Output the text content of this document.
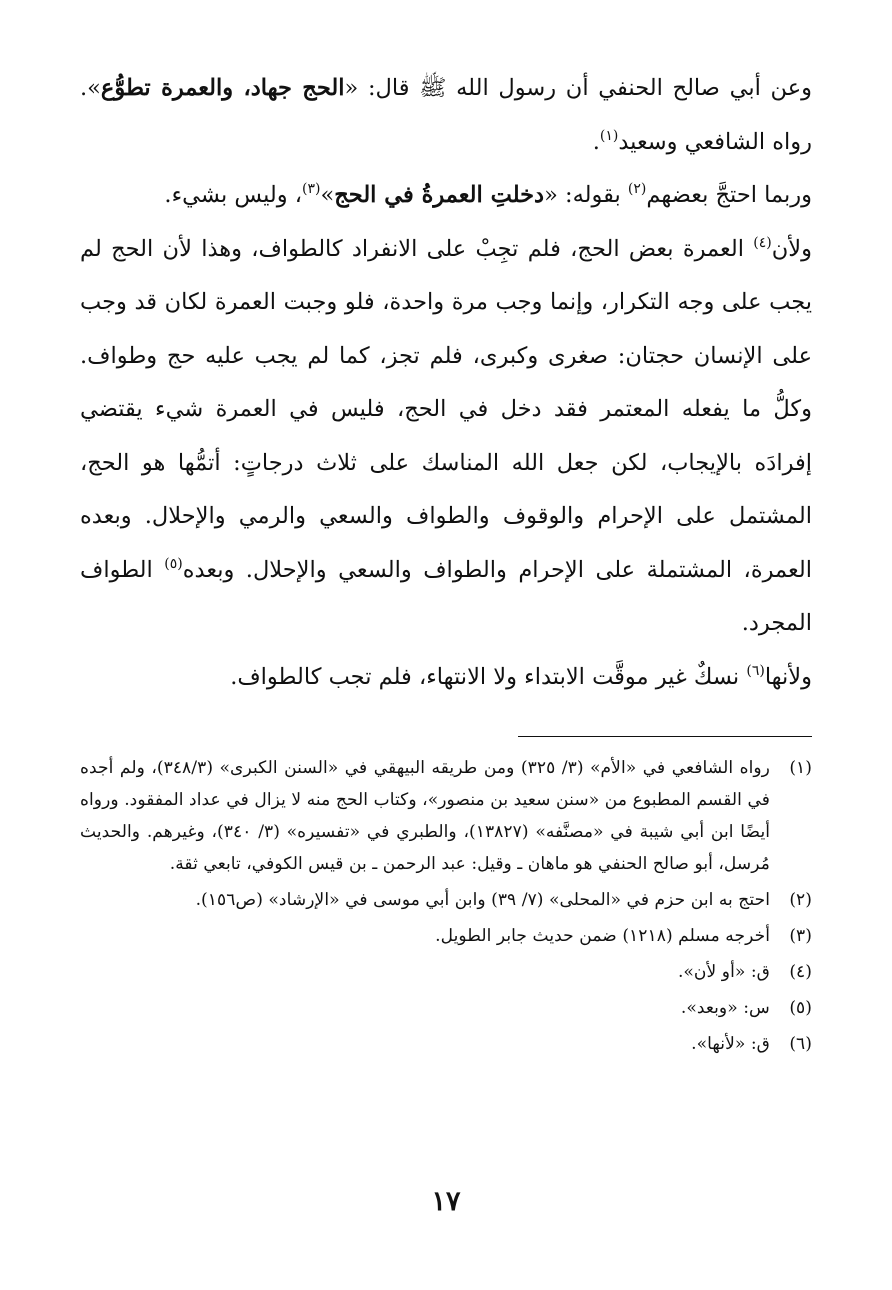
وعن أبي صالح الحنفي أن رسول الله ﷺ قال: «الحج جهاد، والعمرة تطوُّع». رواه الشافعي وسعيد$^{(١)}$.

وربما احتجَّ بعضهم$^{(٢)}$ بقوله: «دخلتِ العمرةُ في الحج»$^{(٣)}$، وليس بشيء.

ولأن$^{(٤)}$ العمرة بعض الحج، فلم تجِبْ على الانفراد كالطواف، وهذا لأن الحج لم يجب على وجه التكرار، وإنما وجب مرة واحدة، فلو وجبت العمرة لكان قد وجب على الإنسان حجتان: صغرى وكبرى، فلم تجز، كما لم يجب عليه حج وطواف. وكلُّ ما يفعله المعتمر فقد دخل في الحج، فليس في العمرة شيء يقتضي إفرادَه بالإيجاب، لكن جعل الله المناسك على ثلاث درجاتٍ: أتمُّها هو الحج، المشتمل على الإحرام والوقوف والطواف والسعي والرمي والإحلال. وبعده العمرة، المشتملة على الإحرام والطواف والسعي والإحلال. وبعده$^{(٥)}$ الطواف المجرد.

ولأنها$^{(٦)}$ نسكٌ غير موقَّت الابتداء ولا الانتهاء، فلم تجب كالطواف.

(١)
رواه الشافعي في «الأم» (٣/ ٣٢٥) ومن طريقه البيهقي في «السنن الكبرى» (٣٤٨/٣)، ولم أجده في القسم المطبوع من «سنن سعيد بن منصور»، وكتاب الحج منه لا يزال في عداد المفقود. ورواه أيضًا ابن أبي شيبة في «مصنَّفه» (١٣٨٢٧)، والطبري في «تفسيره» (٣/ ٣٤٠)، وغيرهم. والحديث مُرسل، أبو صالح الحنفي هو ماهان ـ وقيل: عبد الرحمن ـ بن قيس الكوفي، تابعي ثقة.
(٢)
احتج به ابن حزم في «المحلى» (٧/ ٣٩) وابن أبي موسى في «الإرشاد» (ص١٥٦).
(٣)
أخرجه مسلم (١٢١٨) ضمن حديث جابر الطويل.
(٤)
ق: «أو لأن».
(٥)
س: «وبعد».
(٦)
ق: «لأنها».
١٧
